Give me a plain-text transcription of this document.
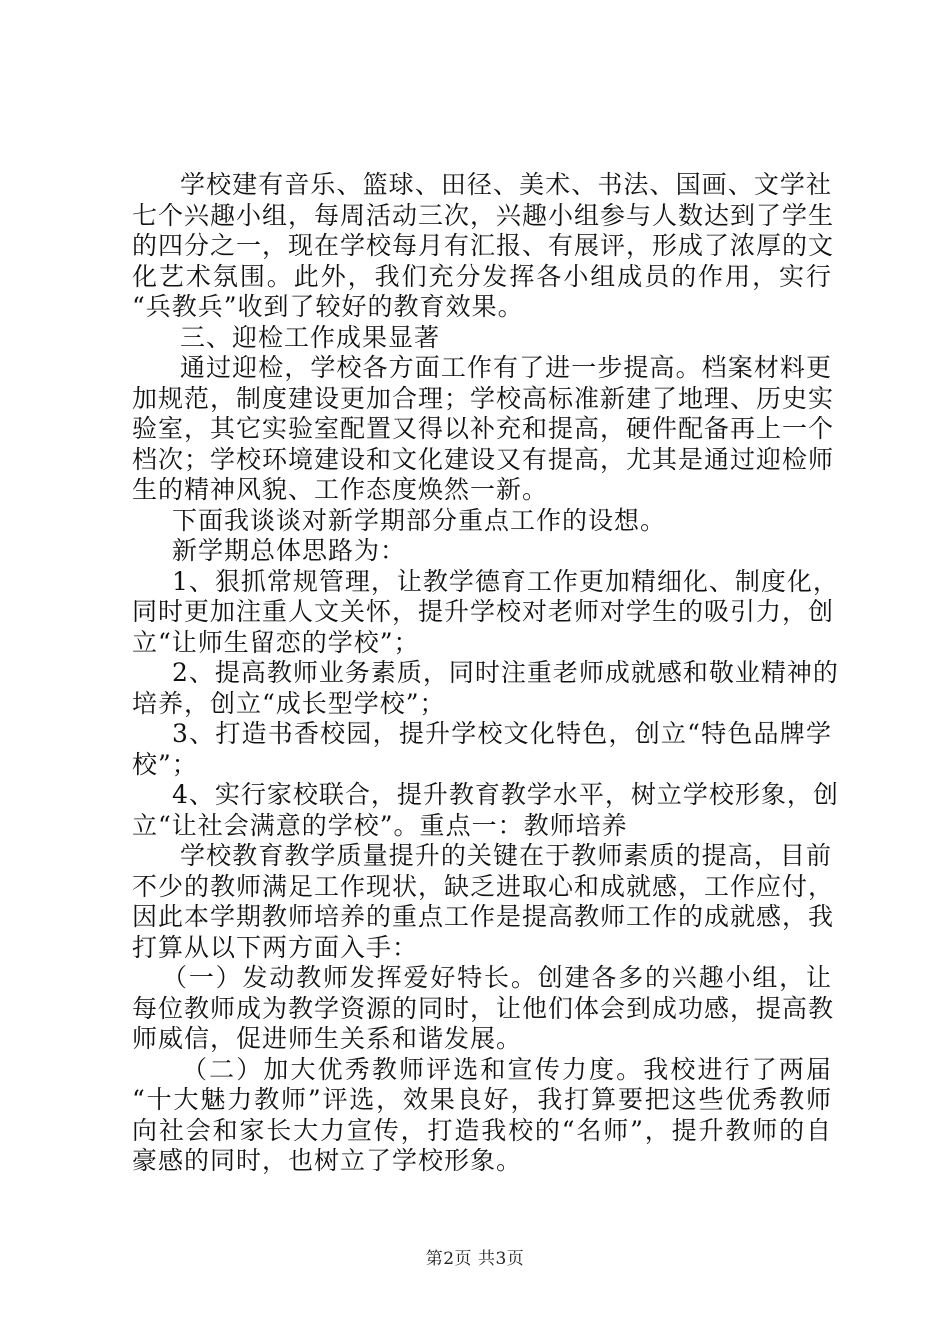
学校建有音乐、篮球、田径、美术、书法、国画、文学社
七个兴趣小组，每周活动三次，兴趣小组参与人数达到了学生
的四分之一，现在学校每月有汇报、有展评，形成了浓厚的文
化艺术氛围。此外，我们充分发挥各小组成员的作用，实行
“兵教兵”收到了较好的教育效果。
三、迎检工作成果显著
通过迎检，学校各方面工作有了进一步提高。档案材料更
加规范，制度建设更加合理；学校高标准新建了地理、历史实
验室，其它实验室配置又得以补充和提高，硬件配备再上一个
档次；学校环境建设和文化建设又有提高，尤其是通过迎检师
生的精神风貌、工作态度焕然一新。
下面我谈谈对新学期部分重点工作的设想。
新学期总体思路为：
1、狠抓常规管理，让教学德育工作更加精细化、制度化，
同时更加注重人文关怀，提升学校对老师对学生的吸引力，创
立“让师生留恋的学校”；
2、提高教师业务素质，同时注重老师成就感和敬业精神的
培养，创立“成长型学校”；
3、打造书香校园，提升学校文化特色，创立“特色品牌学
校”；
4、实行家校联合，提升教育教学水平，树立学校形象，创
立“让社会满意的学校”。重点一：教师培养
学校教育教学质量提升的关键在于教师素质的提高，目前
不少的教师满足工作现状，缺乏进取心和成就感，工作应付，
因此本学期教师培养的重点工作是提高教师工作的成就感，我
打算从以下两方面入手：
（一）发动教师发挥爱好特长。创建各多的兴趣小组，让
每位教师成为教学资源的同时，让他们体会到成功感，提高教
师威信，促进师生关系和谐发展。
（二）加大优秀教师评选和宣传力度。我校进行了两届
“十大魅力教师”评选，效果良好，我打算要把这些优秀教师
向社会和家长大力宣传，打造我校的“名师”，提升教师的自
豪感的同时，也树立了学校形象。
第2页 共3页
